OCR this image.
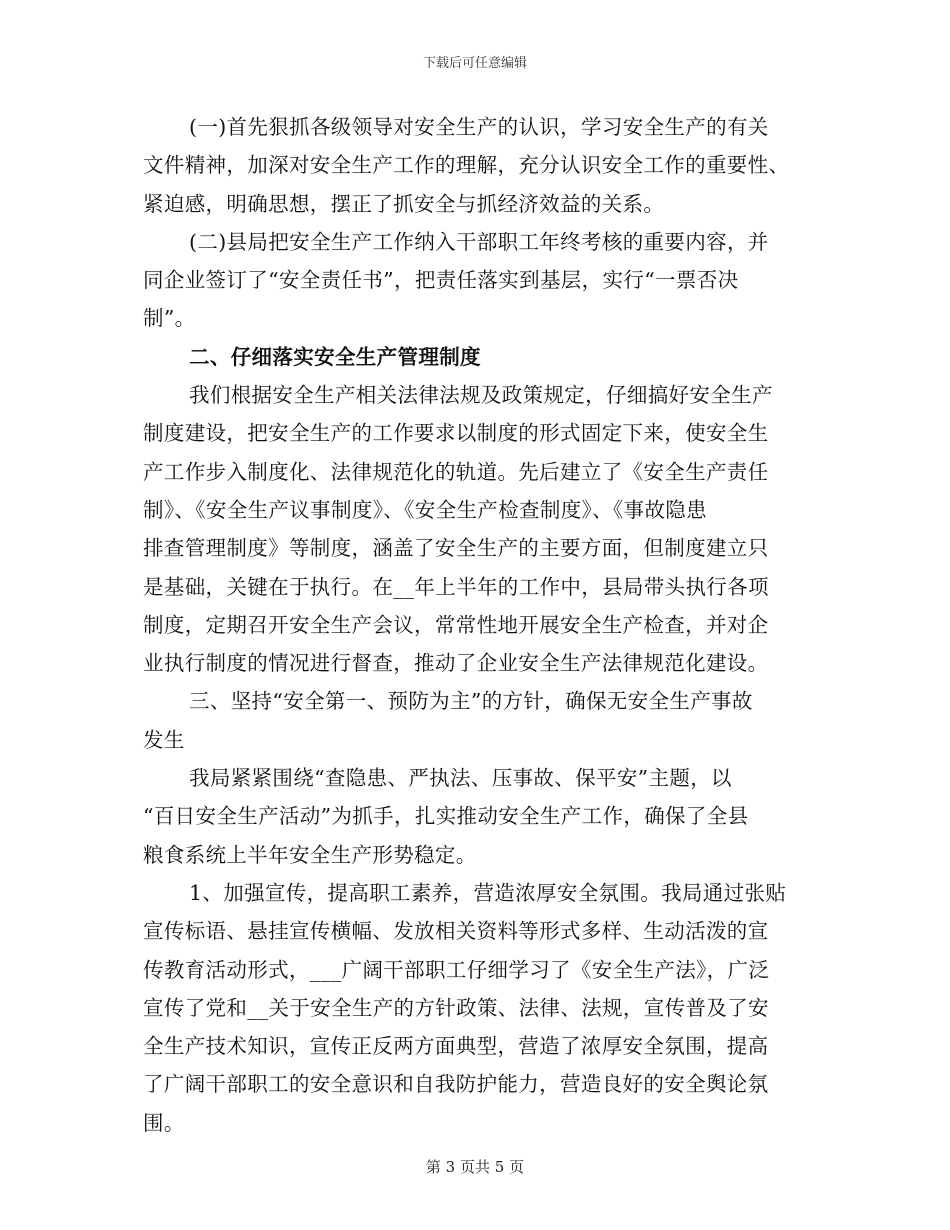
下载后可任意编辑
(一)首先狠抓各级领导对安全生产的认识，学习安全生产的有关
文件精神，加深对安全生产工作的理解，充分认识安全工作的重要性、
紧迫感，明确思想，摆正了抓安全与抓经济效益的关系。
(二)县局把安全生产工作纳入干部职工年终考核的重要内容，并
同企业签订了“安全责任书”，把责任落实到基层，实行“一票否决
制”。
二、仔细落实安全生产管理制度
我们根据安全生产相关法律法规及政策规定，仔细搞好安全生产
制度建设，把安全生产的工作要求以制度的形式固定下来，使安全生
产工作步入制度化、法律规范化的轨道。先后建立了《安全生产责任
制》、《安全生产议事制度》、《安全生产检查制度》、《事故隐患
排查管理制度》等制度，涵盖了安全生产的主要方面，但制度建立只
是基础，关键在于执行。在__年上半年的工作中，县局带头执行各项
制度，定期召开安全生产会议，常常性地开展安全生产检查，并对企
业执行制度的情况进行督查，推动了企业安全生产法律规范化建设。
三、坚持“安全第一、预防为主”的方针，确保无安全生产事故
发生
我局紧紧围绕“查隐患、严执法、压事故、保平安”主题，以
“百日安全生产活动”为抓手，扎实推动安全生产工作，确保了全县
粮食系统上半年安全生产形势稳定。
1、加强宣传，提高职工素养，营造浓厚安全氛围。我局通过张贴
宣传标语、悬挂宣传横幅、发放相关资料等形式多样、生动活泼的宣
传教育活动形式，___广阔干部职工仔细学习了《安全生产法》，广泛
宣传了党和__关于安全生产的方针政策、法律、法规，宣传普及了安
全生产技术知识，宣传正反两方面典型，营造了浓厚安全氛围，提高
了广阔干部职工的安全意识和自我防护能力，营造良好的安全舆论氛
围。
第 3 页共 5 页
